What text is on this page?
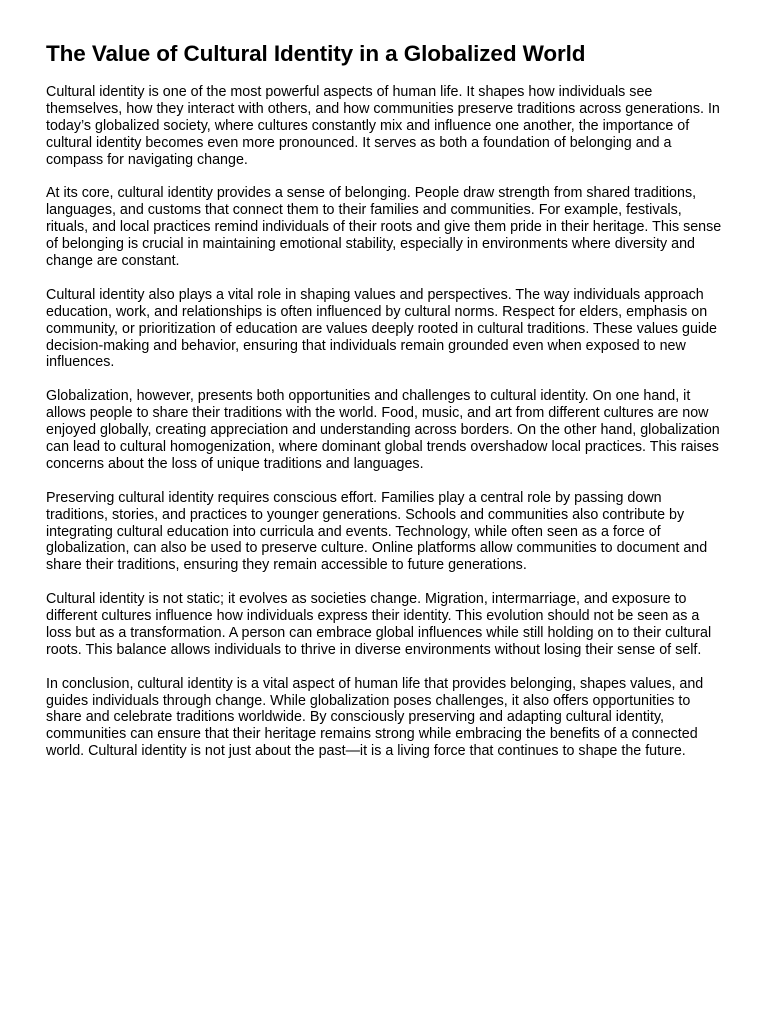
The Value of Cultural Identity in a Globalized World

Cultural identity is one of the most powerful aspects of human life. It shapes how individuals see themselves, how they interact with others, and how communities preserve traditions across generations. In today’s globalized society, where cultures constantly mix and influence one another, the importance of cultural identity becomes even more pronounced. It serves as both a foundation of belonging and a compass for navigating change.

At its core, cultural identity provides a sense of belonging. People draw strength from shared traditions, languages, and customs that connect them to their families and communities. For example, festivals, rituals, and local practices remind individuals of their roots and give them pride in their heritage. This sense of belonging is crucial in maintaining emotional stability, especially in environments where diversity and change are constant.

Cultural identity also plays a vital role in shaping values and perspectives. The way individuals approach education, work, and relationships is often influenced by cultural norms. Respect for elders, emphasis on community, or prioritization of education are values deeply rooted in cultural traditions. These values guide decision-making and behavior, ensuring that individuals remain grounded even when exposed to new influences.

Globalization, however, presents both opportunities and challenges to cultural identity. On one hand, it allows people to share their traditions with the world. Food, music, and art from different cultures are now enjoyed globally, creating appreciation and understanding across borders. On the other hand, globalization can lead to cultural homogenization, where dominant global trends overshadow local practices. This raises concerns about the loss of unique traditions and languages.

Preserving cultural identity requires conscious effort. Families play a central role by passing down traditions, stories, and practices to younger generations. Schools and communities also contribute by integrating cultural education into curricula and events. Technology, while often seen as a force of globalization, can also be used to preserve culture. Online platforms allow communities to document and share their traditions, ensuring they remain accessible to future generations.

Cultural identity is not static; it evolves as societies change. Migration, intermarriage, and exposure to different cultures influence how individuals express their identity. This evolution should not be seen as a loss but as a transformation. A person can embrace global influences while still holding on to their cultural roots. This balance allows individuals to thrive in diverse environments without losing their sense of self.

In conclusion, cultural identity is a vital aspect of human life that provides belonging, shapes values, and guides individuals through change. While globalization poses challenges, it also offers opportunities to share and celebrate traditions worldwide. By consciously preserving and adapting cultural identity, communities can ensure that their heritage remains strong while embracing the benefits of a connected world. Cultural identity is not just about the past—it is a living force that continues to shape the future.
